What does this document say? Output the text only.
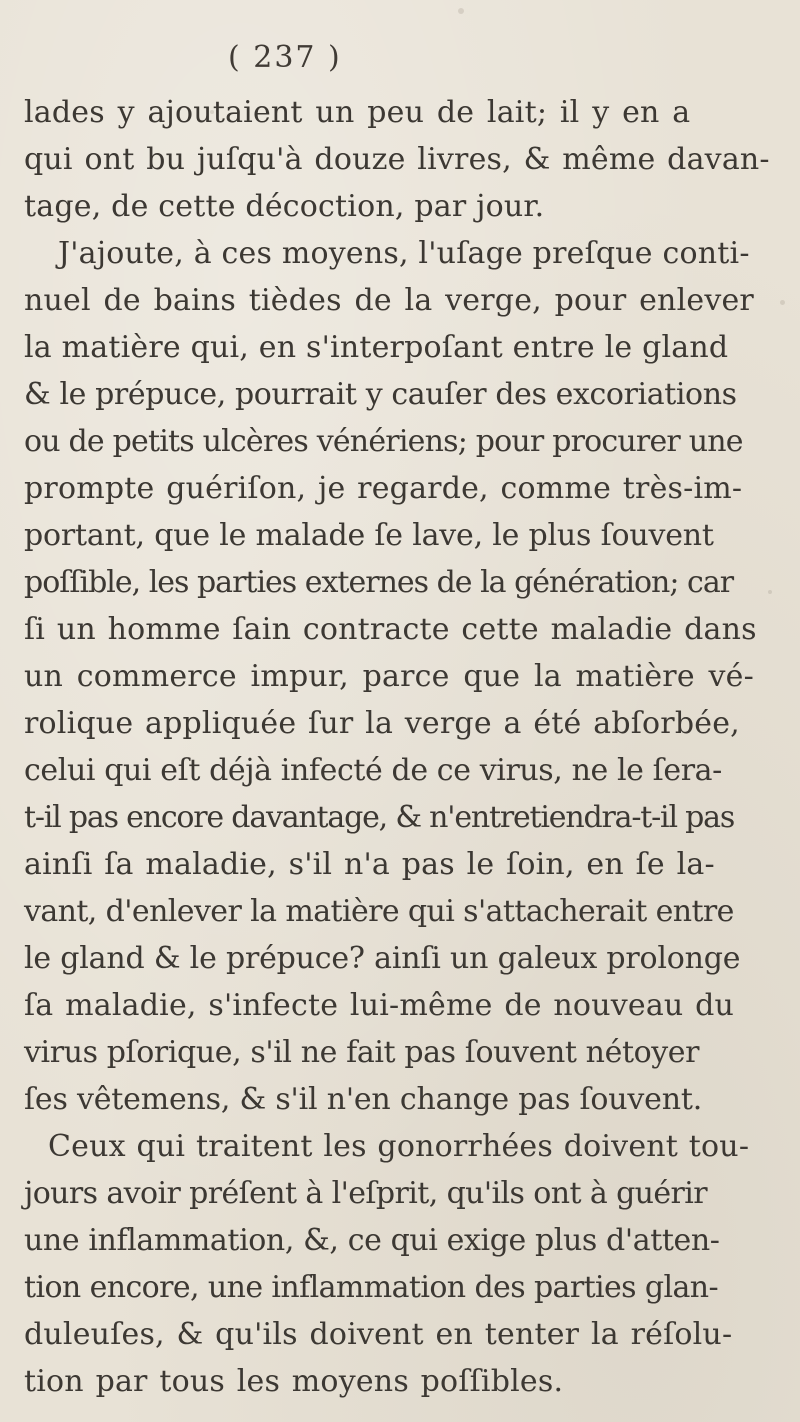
( 237 )
lades y ajoutaient un peu de lait; il y en a
qui ont bu juſqu'à douze livres, & même davan-
tage, de cette décoction, par jour.
J'ajoute, à ces moyens, l'uſage preſque conti-
nuel de bains tièdes de la verge, pour enlever
la matière qui, en s'interpoſant entre le gland
& le prépuce, pourrait y cauſer des excoriations
ou de petits ulcères vénériens; pour procurer une
prompte guériſon, je regarde, comme très-im-
portant, que le malade ſe lave, le plus ſouvent
poſſible, les parties externes de la génération; car
ſi un homme ſain contracte cette maladie dans
un commerce impur, parce que la matière vé-
rolique appliquée ſur la verge a été abſorbée,
celui qui eſt déjà infecté de ce virus, ne le ſera-
t-il pas encore davantage, & n'entretiendra-t-il pas
ainſi ſa maladie, s'il n'a pas le ſoin, en ſe la-
vant, d'enlever la matière qui s'attacherait entre
le gland & le prépuce? ainſi un galeux prolonge
ſa maladie, s'infecte lui-même de nouveau du
virus pſorique, s'il ne fait pas ſouvent nétoyer
ſes vêtemens, & s'il n'en change pas ſouvent.
Ceux qui traitent les gonorrhées doivent tou-
jours avoir préſent à l'eſprit, qu'ils ont à guérir
une inflammation, &, ce qui exige plus d'atten-
tion encore, une inflammation des parties glan-
duleuſes, & qu'ils doivent en tenter la réſolu-
tion par tous les moyens poſſibles.
